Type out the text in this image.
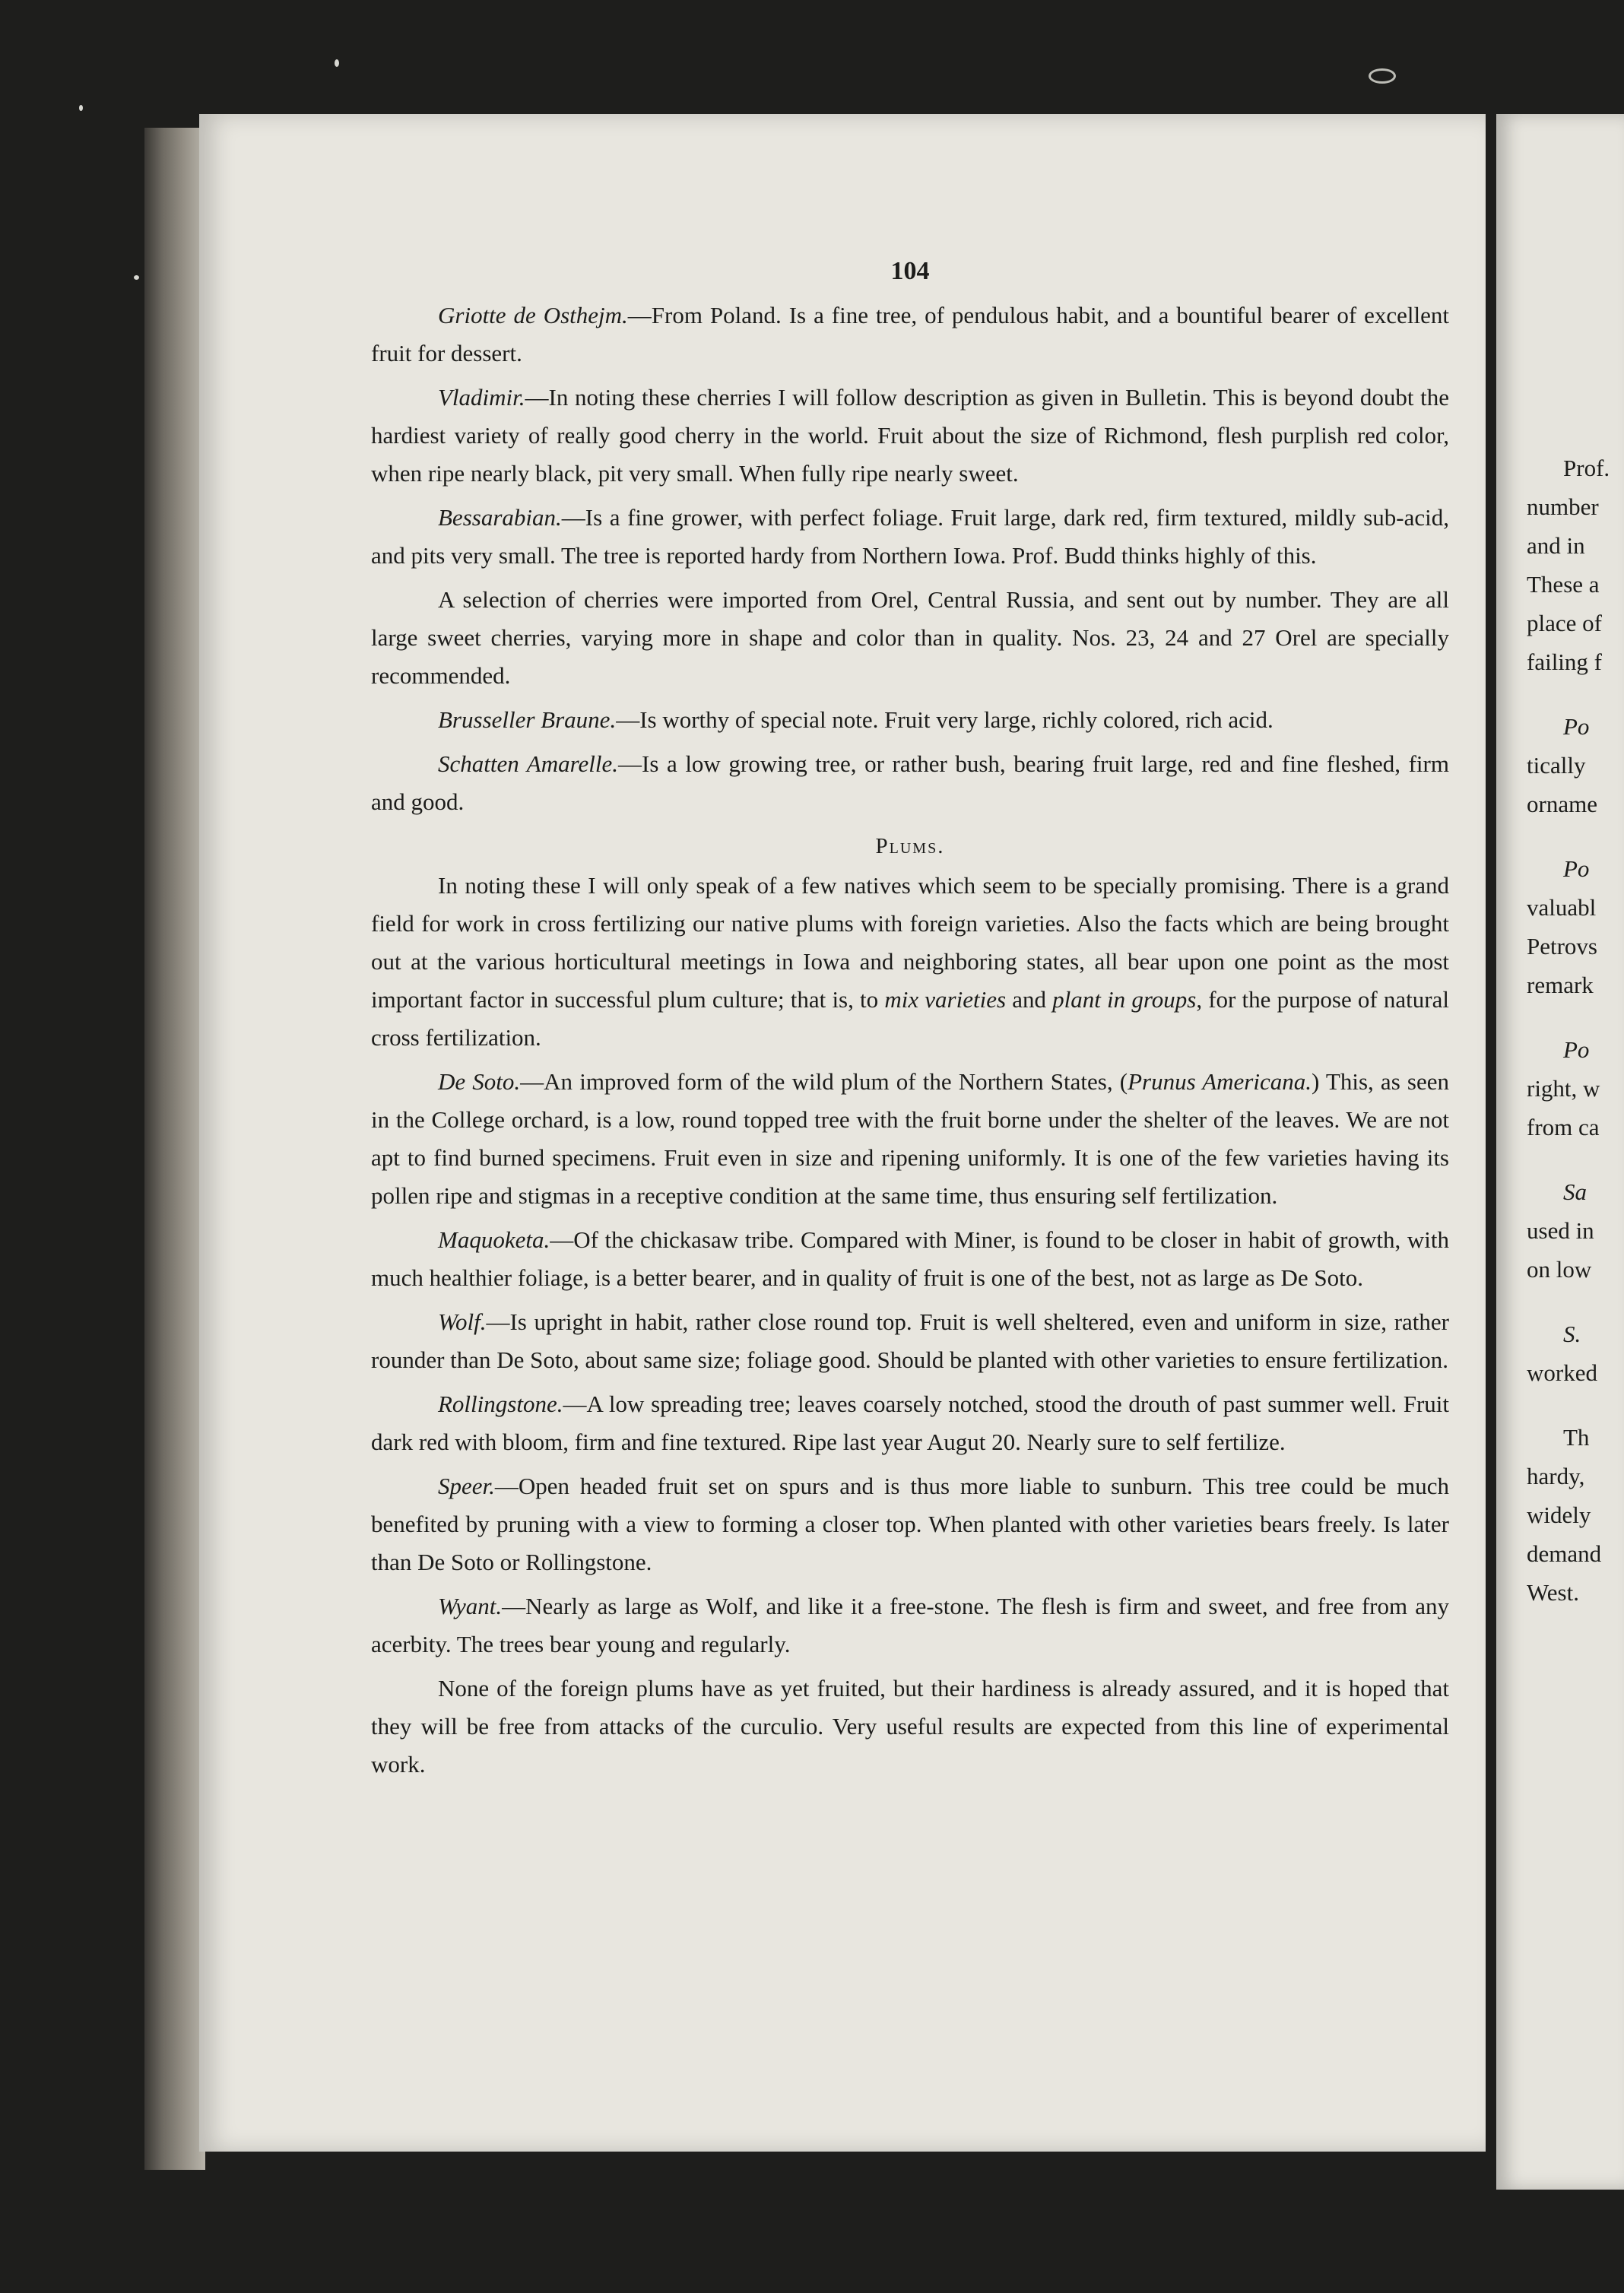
104

Griotte de Osthejm.—From Poland. Is a fine tree, of pendulous habit, and a bountiful bearer of excellent fruit for dessert.

Vladimir.—In noting these cherries I will follow description as given in Bulletin. This is beyond doubt the hardiest variety of really good cherry in the world. Fruit about the size of Richmond, flesh purplish red color, when ripe nearly black, pit very small. When fully ripe nearly sweet.

Bessarabian.—Is a fine grower, with perfect foliage. Fruit large, dark red, firm textured, mildly sub-acid, and pits very small. The tree is reported hardy from Northern Iowa. Prof. Budd thinks highly of this.

A selection of cherries were imported from Orel, Central Russia, and sent out by number. They are all large sweet cherries, varying more in shape and color than in quality. Nos. 23, 24 and 27 Orel are specially recommended.

Brusseller Braune.—Is worthy of special note. Fruit very large, richly colored, rich acid.

Schatten Amarelle.—Is a low growing tree, or rather bush, bearing fruit large, red and fine fleshed, firm and good.

Plums.

In noting these I will only speak of a few natives which seem to be specially promising. There is a grand field for work in cross fertilizing our native plums with foreign varieties. Also the facts which are being brought out at the various horticultural meetings in Iowa and neighboring states, all bear upon one point as the most important factor in successful plum culture; that is, to mix varieties and plant in groups, for the purpose of natural cross fertilization.

De Soto.—An improved form of the wild plum of the Northern States, (Prunus Americana.) This, as seen in the College orchard, is a low, round topped tree with the fruit borne under the shelter of the leaves. We are not apt to find burned specimens. Fruit even in size and ripening uniformly. It is one of the few varieties having its pollen ripe and stigmas in a receptive condition at the same time, thus ensuring self fertilization.

Maquoketa.—Of the chickasaw tribe. Compared with Miner, is found to be closer in habit of growth, with much healthier foliage, is a better bearer, and in quality of fruit is one of the best, not as large as De Soto.

Wolf.—Is upright in habit, rather close round top. Fruit is well sheltered, even and uniform in size, rather rounder than De Soto, about same size; foliage good. Should be planted with other varieties to ensure fertilization.

Rollingstone.—A low spreading tree; leaves coarsely notched, stood the drouth of past summer well. Fruit dark red with bloom, firm and fine textured. Ripe last year Augut 20. Nearly sure to self fertilize.

Speer.—Open headed fruit set on spurs and is thus more liable to sunburn. This tree could be much benefited by pruning with a view to forming a closer top. When planted with other varieties bears freely. Is later than De Soto or Rollingstone.

Wyant.—Nearly as large as Wolf, and like it a free-stone. The flesh is firm and sweet, and free from any acerbity. The trees bear young and regularly.

None of the foreign plums have as yet fruited, but their hardiness is already assured, and it is hoped that they will be free from attacks of the curculio. Very useful results are expected from this line of experimental work.

Prof.
number
and in
These a
place of
failing f
Po
tically
orname
Po
valuabl
Petrovs
remark
Po
right, w
from ca
Sa
used in
on low
S.
worked
Th
hardy,
widely
demand
West.
